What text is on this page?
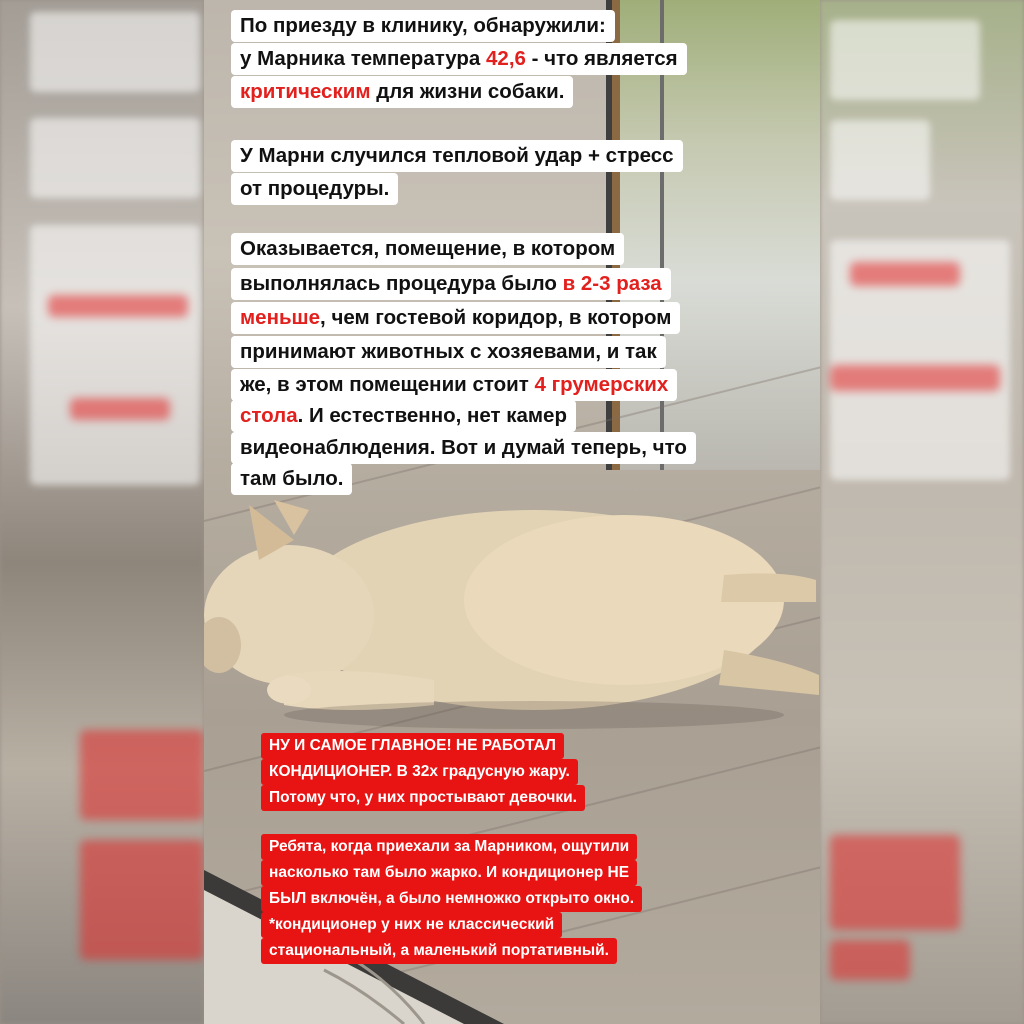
По приезду в клинику, обнаружили:
у Марника температура 42,6 - что является
критическим для жизни собаки.
У Марни случился тепловой удар + стресс
от процедуры.
Оказывается, помещение, в котором
выполнялась процедура было в 2-3 раза
меньше, чем гостевой коридор, в котором
принимают животных с хозяевами, и так
же, в этом помещении стоит 4 грумерских
стола. И естественно, нет камер
видеонаблюдения. Вот и думай теперь, что
там было.
НУ И САМОЕ ГЛАВНОЕ! НЕ РАБОТАЛ
КОНДИЦИОНЕР. В 32х градусную жару.
Потому что, у них простывают девочки.
Ребята, когда приехали за Марником, ощутили
насколько там было жарко. И кондиционер НЕ
БЫЛ включён, а было немножко открыто окно.
*кондиционер у них не классический
стациональный, а маленький портативный.
